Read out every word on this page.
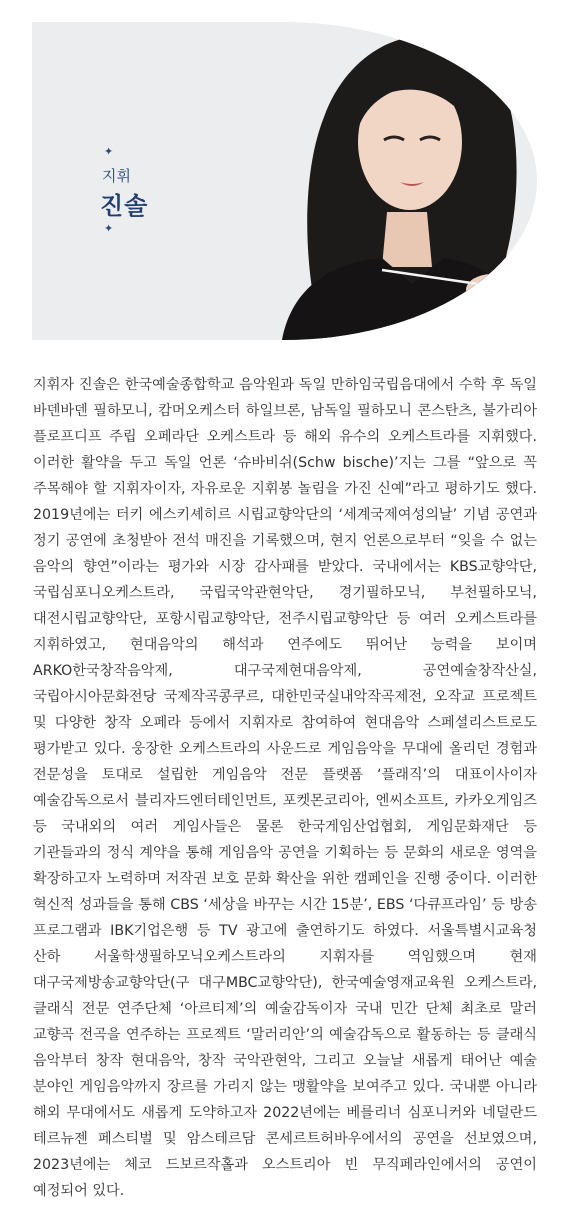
✦
지휘
진솔
✦
지휘자 진솔은 한국예술종합학교 음악원과 독일 만하임국립음대에서 수학 후 독일 바덴바덴 필하모니, 캄머오케스터 하일브론, 남독일 필하모니 콘스탄츠, 불가리아 플로프디프 주립 오페라단 오케스트라 등 해외 유수의 오케스트라를 지휘했다. 이러한 활약을 두고 독일 언론 ‘슈바비쉬(Schw bische)’지는 그를 “앞으로 꼭 주목해야 할 지휘자이자, 자유로운 지휘봉 놀림을 가진 신예”라고 평하기도 했다. 2019년에는 터키 에스키셰히르 시립교향악단의 ‘세계국제여성의날’ 기념 공연과 정기 공연에 초청받아 전석 매진을 기록했으며, 현지 언론으로부터 “잊을 수 없는 음악의 향연”이라는 평가와 시장 감사패를 받았다. 국내에서는 KBS교향악단, 국립심포니오케스트라, 국립국악관현악단, 경기필하모닉, 부천필하모닉, 대전시립교향악단, 포항시립교향악단, 전주시립교향악단 등 여러 오케스트라를 지휘하였고, 현대음악의 해석과 연주에도 뛰어난 능력을 보이며 ARKO한국창작음악제, 대구국제현대음악제, 공연예술창작산실, 국립아시아문화전당 국제작곡콩쿠르, 대한민국실내악작곡제전, 오작교 프로젝트 및 다양한 창작 오페라 등에서 지휘자로 참여하여 현대음악 스페셜리스트로도 평가받고 있다. 웅장한 오케스트라의 사운드로 게임음악을 무대에 올리던 경험과 전문성을 토대로 설립한 게임음악 전문 플랫폼 ‘플래직’의 대표이사이자 예술감독으로서 블리자드엔터테인먼트, 포켓몬코리아, 엔씨소프트, 카카오게임즈 등 국내외의 여러 게임사들은 물론 한국게임산업협회, 게임문화재단 등 기관들과의 정식 계약을 통해 게임음악 공연을 기획하는 등 문화의 새로운 영역을 확장하고자 노력하며 저작권 보호 문화 확산을 위한 캠페인을 진행 중이다. 이러한 혁신적 성과들을 통해 CBS ‘세상을 바꾸는 시간 15분’, EBS ‘다큐프라임’ 등 방송 프로그램과 IBK기업은행 등 TV 광고에 출연하기도 하였다. 서울특별시교육청 산하 서울학생필하모닉오케스트라의 지휘자를 역임했으며 현재 대구국제방송교향악단(구 대구MBC교향악단), 한국예술영재교육원 오케스트라, 클래식 전문 연주단체 ‘아르티제’의 예술감독이자 국내 민간 단체 최초로 말러 교향곡 전곡을 연주하는 프로젝트 ‘말러리안’의 예술감독으로 활동하는 등 클래식 음악부터 창작 현대음악, 창작 국악관현악, 그리고 오늘날 새롭게 태어난 예술 분야인 게임음악까지 장르를 가리지 않는 맹활약을 보여주고 있다. 국내뿐 아니라 해외 무대에서도 새롭게 도약하고자 2022년에는 베를리너 심포니커와 네덜란드 테르뉴젠 페스티벌 및 암스테르담 콘세르트허바우에서의 공연을 선보였으며, 2023년에는 체코 드보르작홀과 오스트리아 빈 무직페라인에서의 공연이 예정되어 있다.
